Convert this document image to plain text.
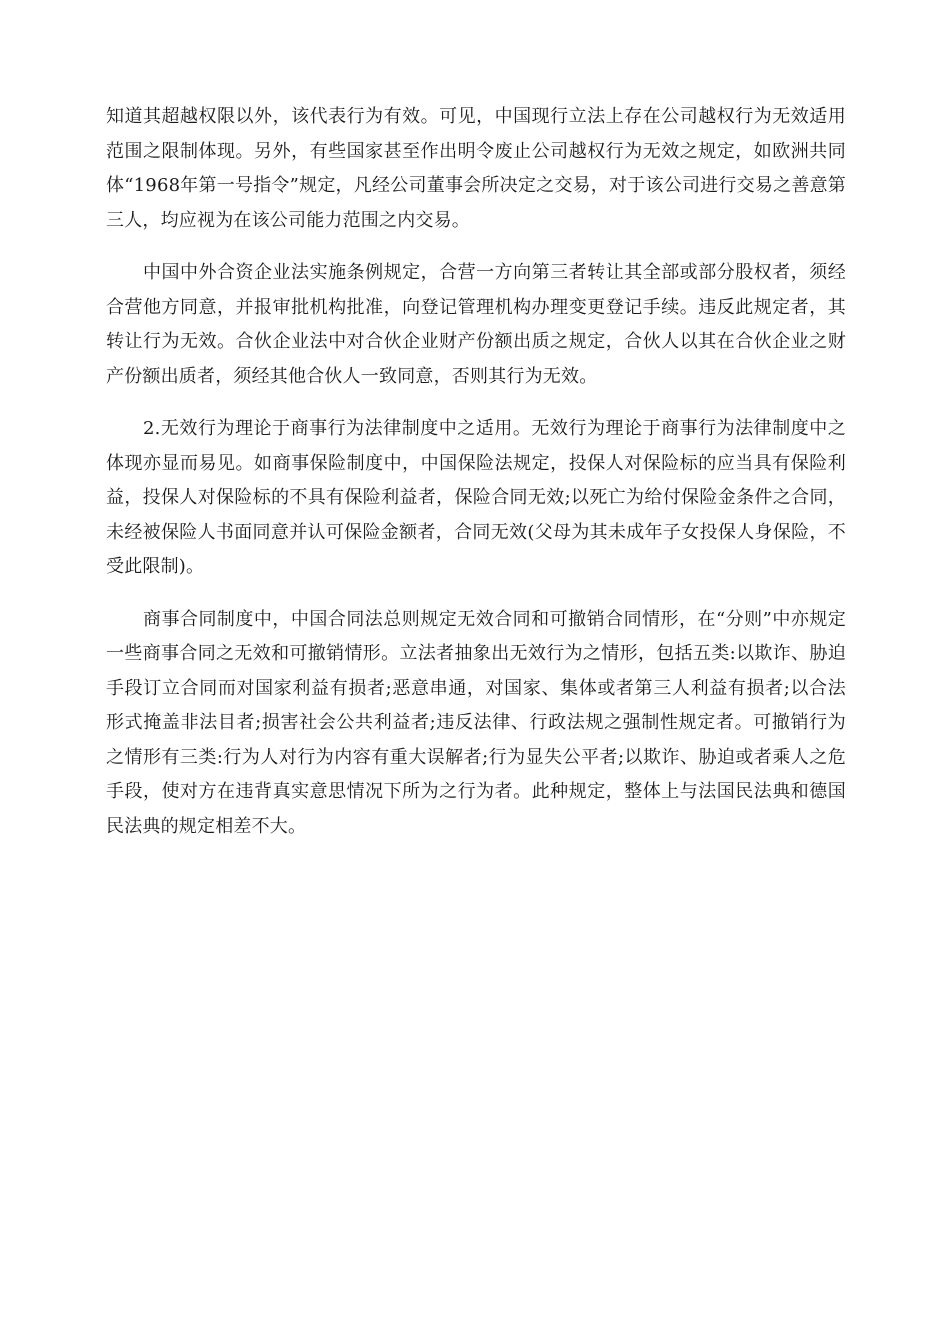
知道其超越权限以外，该代表行为有效。可见，中国现行立法上存在公司越权行为无效适用范围之限制体现。另外，有些国家甚至作出明令废止公司越权行为无效之规定，如欧洲共同体“1968年第一号指令”规定，凡经公司董事会所决定之交易，对于该公司进行交易之善意第三人，均应视为在该公司能力范围之内交易。

中国中外合资企业法实施条例规定，合营一方向第三者转让其全部或部分股权者，须经合营他方同意，并报审批机构批准，向登记管理机构办理变更登记手续。违反此规定者，其转让行为无效。合伙企业法中对合伙企业财产份额出质之规定，合伙人以其在合伙企业之财产份额出质者，须经其他合伙人一致同意，否则其行为无效。

2.无效行为理论于商事行为法律制度中之适用。无效行为理论于商事行为法律制度中之体现亦显而易见。如商事保险制度中，中国保险法规定，投保人对保险标的应当具有保险利益，投保人对保险标的不具有保险利益者，保险合同无效;以死亡为给付保险金条件之合同，未经被保险人书面同意并认可保险金额者，合同无效(父母为其未成年子女投保人身保险，不受此限制)。

商事合同制度中，中国合同法总则规定无效合同和可撤销合同情形，在“分则”中亦规定一些商事合同之无效和可撤销情形。立法者抽象出无效行为之情形，包括五类:以欺诈、胁迫手段订立合同而对国家利益有损者;恶意串通，对国家、集体或者第三人利益有损者;以合法形式掩盖非法目者;损害社会公共利益者;违反法律、行政法规之强制性规定者。可撤销行为之情形有三类:行为人对行为内容有重大误解者;行为显失公平者;以欺诈、胁迫或者乘人之危手段，使对方在违背真实意思情况下所为之行为者。此种规定，整体上与法国民法典和德国民法典的规定相差不大。
